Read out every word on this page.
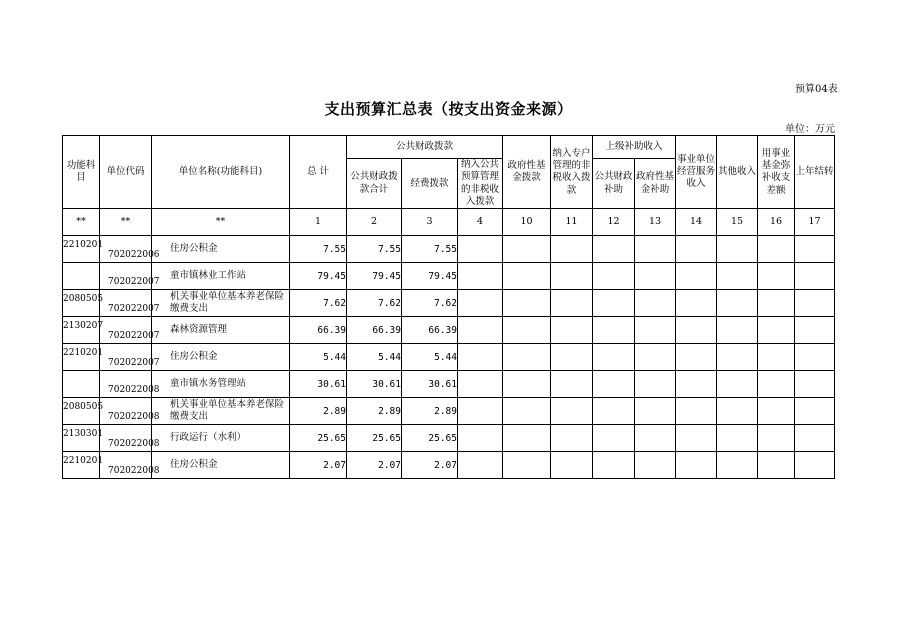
预算04表
支出预算汇总表（按支出资金来源）
单位：万元
功能科目	单位代码	单位名称(功能科目)	总 计	公共财政拨款			政府性基金拨款	纳入专户管理的非税收入拨款	上级补助收入		事业单位经营服务收入	其他收入	用事业基金弥补收支差额	上年结转
				公共财政拨款合计	经费拨款	纳入公共预算管理的非税收入拨款								
									公共财政补助	政府性基金补助				
**	**	**	1	2	3	4	10	11	12	13	14	15	16	17

2210201	702022006	住房公积金	7.55	7.55	7.55									

	702022007	童市镇林业工作站	79.45	79.45	79.45									

2080505	702022007	机关事业单位基本养老保险缴费支出	7.62	7.62	7.62									

2130207	702022007	森林资源管理	66.39	66.39	66.39									

2210201	702022007	住房公积金	5.44	5.44	5.44									

	702022008	童市镇水务管理站	30.61	30.61	30.61									

2080505	702022008	机关事业单位基本养老保险缴费支出	2.89	2.89	2.89									

2130301	702022008	行政运行（水利）	25.65	25.65	25.65									

2210201	702022008	住房公积金	2.07	2.07	2.07									
